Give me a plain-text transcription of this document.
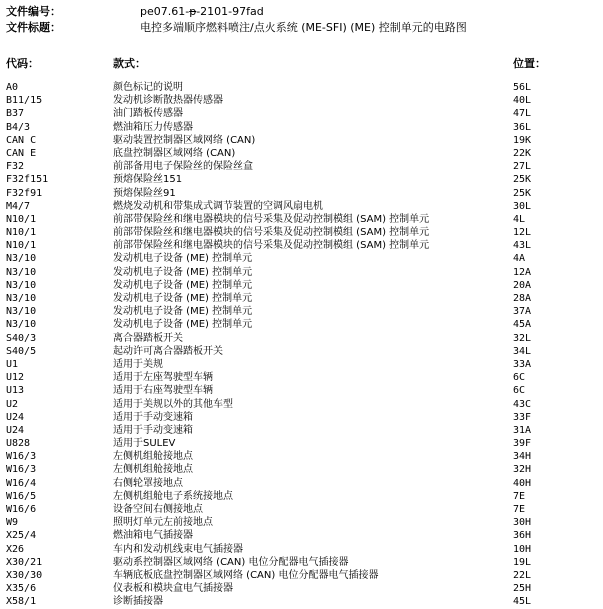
文件编号：	pe07.61-p-2101-97fad
文件标题：	电控多端顺序燃料喷注/点火系统 (ME-SFI) (ME) 控制单元的电路图
代码：	款式：	位置：
A0	颜色标记的说明	56L
B11/15	发动机诊断散热器传感器	40L
B37	油门踏板传感器	47L
B4/3	燃油箱压力传感器	36L
CAN C	驱动装置控制器区域网络 (CAN)	19K
CAN E	底盘控制器区域网络 (CAN)	22K
F32	前部备用电子保险丝的保险丝盒	27L
F32f151	预熔保险丝151	25K
F32f91	预熔保险丝91	25K
M4/7	燃烧发动机和带集成式调节装置的空调风扇电机	30L
N10/1	前部带保险丝和继电器模块的信号采集及促动控制模组 (SAM) 控制单元	4L
N10/1	前部带保险丝和继电器模块的信号采集及促动控制模组 (SAM) 控制单元	12L
N10/1	前部带保险丝和继电器模块的信号采集及促动控制模组 (SAM) 控制单元	43L
N3/10	发动机电子设备 (ME) 控制单元	4A
N3/10	发动机电子设备 (ME) 控制单元	12A
N3/10	发动机电子设备 (ME) 控制单元	20A
N3/10	发动机电子设备 (ME) 控制单元	28A
N3/10	发动机电子设备 (ME) 控制单元	37A
N3/10	发动机电子设备 (ME) 控制单元	45A
S40/3	离合器踏板开关	32L
S40/5	起动许可离合器踏板开关	34L
U1	适用于美规	33A
U12	适用于左座驾驶型车辆	6C
U13	适用于右座驾驶型车辆	6C
U2	适用于美规以外的其他车型	43C
U24	适用于手动变速箱	33F
U24	适用于手动变速箱	31A
U828	适用于SULEV	39F
W16/3	左侧机组舱接地点	34H
W16/3	左侧机组舱接地点	32H
W16/4	右侧轮罩接地点	40H
W16/5	左侧机组舱电子系统接地点	7E
W16/6	设备空间右侧接地点	7E
W9	照明灯单元左前接地点	30H
X25/4	燃油箱电气插接器	36H
X26	车内和发动机线束电气插接器	10H
X30/21	驱动系控制器区域网络 (CAN) 电位分配器电气插接器	19L
X30/30	车辆底板底盘控制器区域网络 (CAN) 电位分配器电气插接器	22L
X35/6	仪表板和模块盒电气插接器	25H
X58/1	诊断插接器	45L
